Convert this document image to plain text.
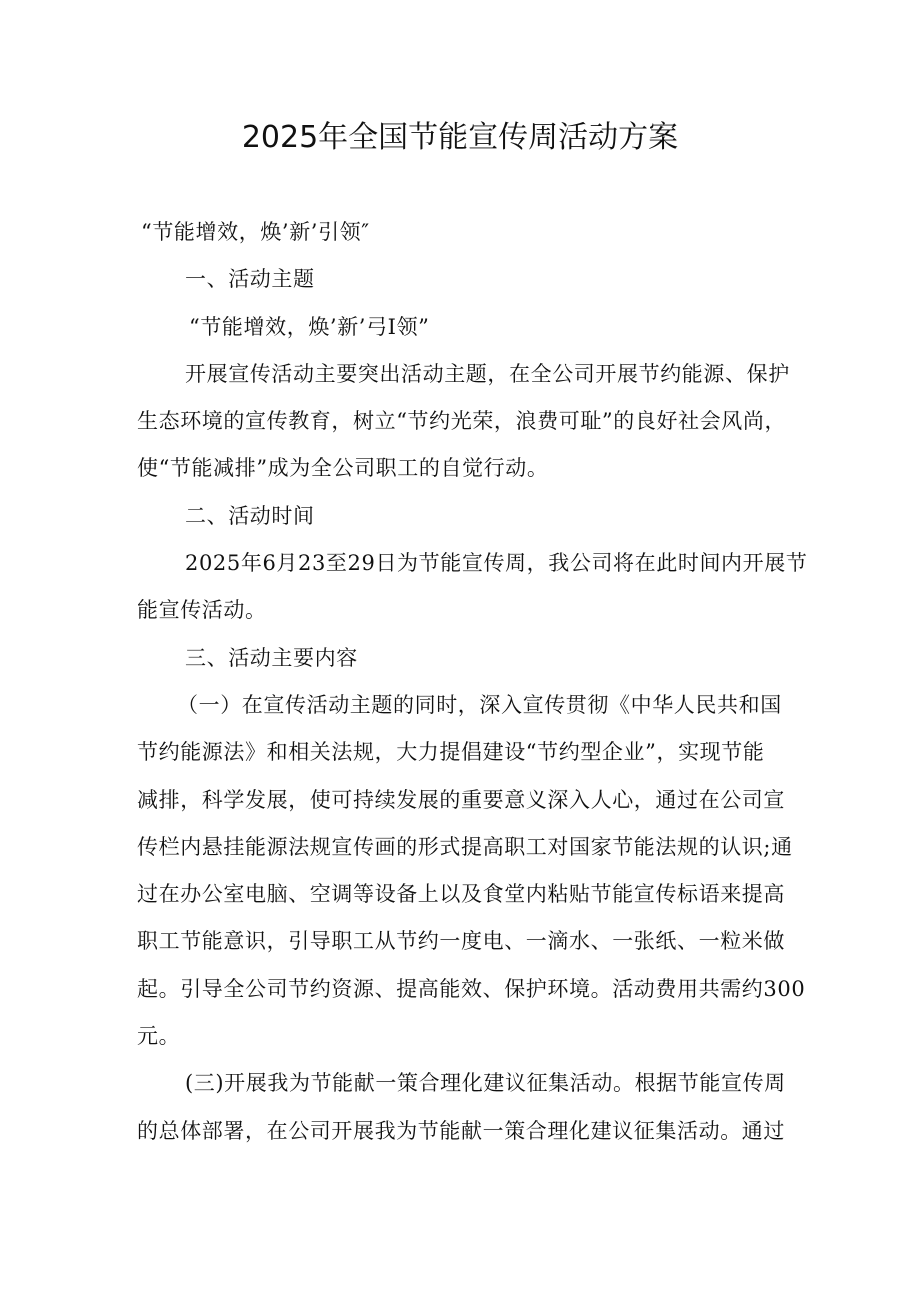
2025年全国节能宣传周活动方案
“节能增效，焕’新’引领″
一、活动主题
“节能增效，焕’新’弓I领”
开展宣传活动主要突出活动主题，在全公司开展节约能源、保护
生态环境的宣传教育，树立“节约光荣，浪费可耻”的良好社会风尚，
使“节能减排”成为全公司职工的自觉行动。
二、活动时间
2025年6月23至29日为节能宣传周，我公司将在此时间内开展节
能宣传活动。
三、活动主要内容
（一）在宣传活动主题的同时，深入宣传贯彻《中华人民共和国
节约能源法》和相关法规，大力提倡建设“节约型企业”，实现节能
减排，科学发展，使可持续发展的重要意义深入人心，通过在公司宣
传栏内悬挂能源法规宣传画的形式提高职工对国家节能法规的认识;通
过在办公室电脑、空调等设备上以及食堂内粘贴节能宣传标语来提高
职工节能意识，引导职工从节约一度电、一滴水、一张纸、一粒米做
起。引导全公司节约资源、提高能效、保护环境。活动费用共需约300
元。
(三)开展我为节能献一策合理化建议征集活动。根据节能宣传周
的总体部署，在公司开展我为节能献一策合理化建议征集活动。通过
